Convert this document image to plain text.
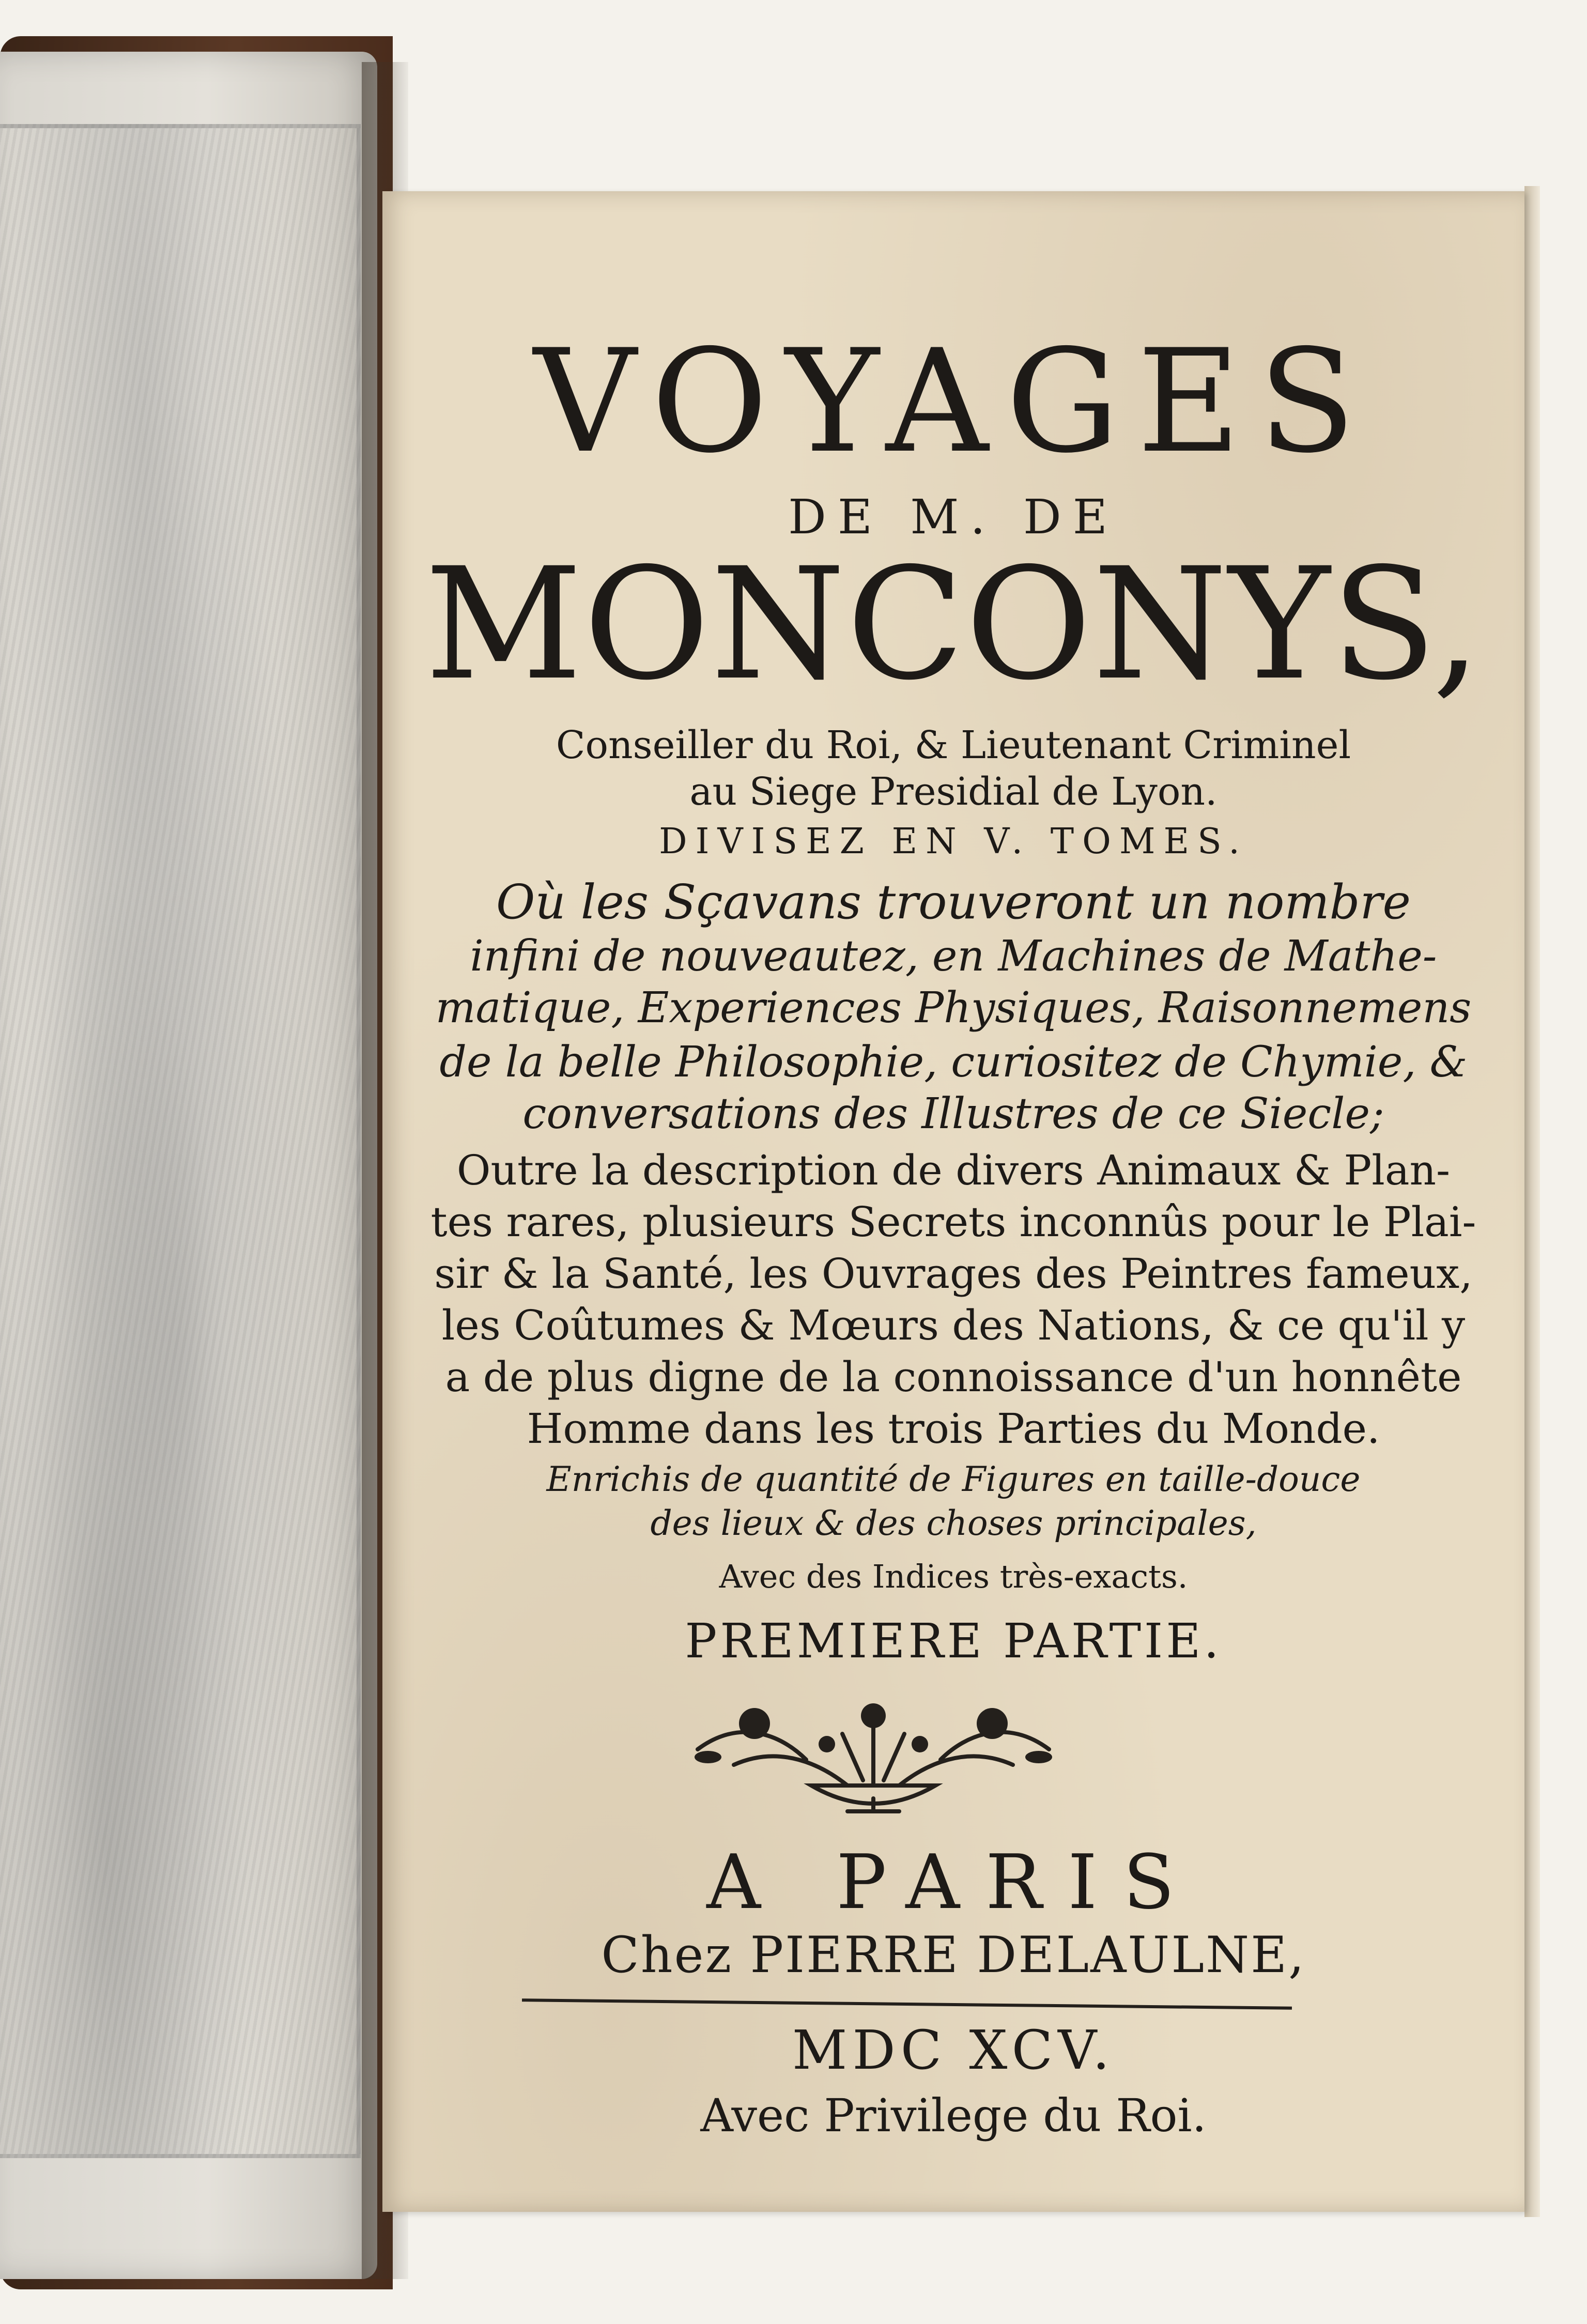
VOYAGES
DE M. DE
MONCONYS,
Conseiller du Roi, & Lieutenant Criminel
au Siege Presidial de Lyon.
DIVISEZ EN V. TOMES.
Où les Sçavans trouveront un nombre
infini de nouveautez, en Machines de Mathe-
matique, Experiences Physiques, Raisonnemens
de la belle Philosophie, curiositez de Chymie, &
conversations des Illustres de ce Siecle;
Outre la description de divers Animaux & Plan-
tes rares, plusieurs Secrets inconnûs pour le Plai-
sir & la Santé, les Ouvrages des Peintres fameux,
les Coûtumes & Mœurs des Nations, & ce qu'il y
a de plus digne de la connoissance d'un honnête
Homme dans les trois Parties du Monde.
Enrichis de quantité de Figures en taille-douce
des lieux & des choses principales,
Avec des Indices très-exacts.
PREMIERE PARTIE.
A PARIS
Chez PIERRE DELAULNE,
MDC XCV.
Avec Privilege du Roi.
